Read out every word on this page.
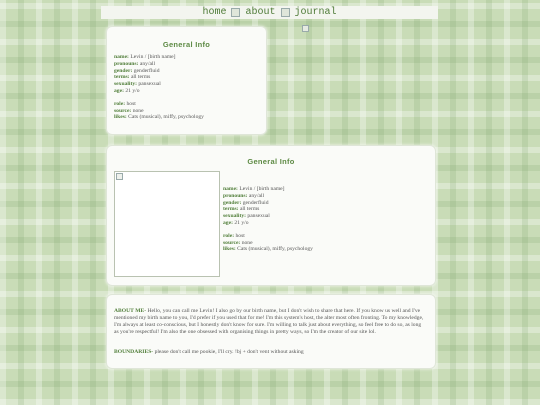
home about journal
General Info
name: Levin / [birth name]
pronouns: any/all
gender: genderfluid
terms: all terms
sexuality: pansexual
age: 21 y/o
role: host
source: none
likes: Cats (musical), miffy, psychology
General Info
name: Levin / [birth name]
pronouns: any/all
gender: genderfluid
terms: all terms
sexuality: pansexual
age: 21 y/o
role: host
source: none
likes: Cats (musical), miffy, psychology
ABOUT ME- Hello, you can call me Levin! I also go by our birth name, but I don't wish to share that here. If you know us well and I've mentioned my birth name to you, I'd prefer if you used that for me! I'm this system's host, the alter most often fronting. To my knowledge, I'm always at least co-conscious, but I honestly don't know for sure. I'm willing to talk just about everything, so feel free to do so, as long as you're respectful! I'm also the one obsessed with organising things in pretty ways, so I'm the creator of our site lol.
BOUNDARIES- please don't call me pookie, I'll cry. !bj + don't vent without asking
